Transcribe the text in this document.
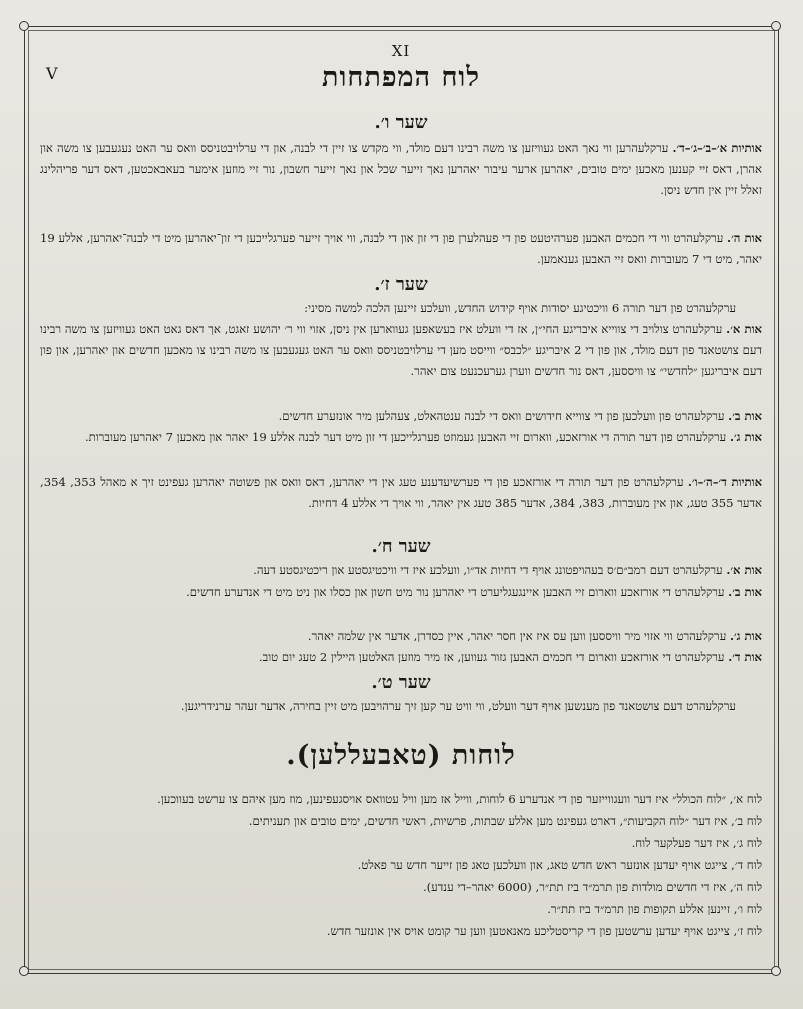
XI
V	לוח המפתחות
שער ו׳.
אותיות א׳–ב׳–ג׳–ד׳. ערקלעהרען ווי נאך האט געוויזען צו משה רבינו דעם מולד, ווי מקדש צו זיין די לבנה, און די ערלויבטניסס וואס ער האט נעגעבען צו משה און אהרן, דאס זיי קענען מאכען ימים טובים, יאהרען ארער עיבור יאהרען נאך זייער שכל און נאך זייער חשבון, נור זיי מוזען אימער בעאבאכטען, דאס דער פריהלינג זאלל זיין אין חדש ניסן.
אות ה׳. ערקלעהרט ווי די חכמים האבען פערהיטעט פון די פעהלערן פון די זון און די לבנה, ווי אויך זייער פערגלייכען די זון־יאהרען מיט די לבנה־יאהרען, אללע 19 יאהר, מיט די 7 מעוברות וואס זיי האבען גענאמען.
שער ז׳.
ערקלעהרט פון דער תורה 6 וויכטיגע יסודות אויף קידוש החדש, וועלכע זיינען הלכה למשה מסיני:
אות א׳. ערקלעהרט צולויב די צווייא איבריגע החי״ן, אז די וועלט איז בעשאפען געווארען אין ניסן, אזוי ווי ר׳ יהושע זאגט, אך דאס גאט האט געוויזען צו משה רבינו דעם צושטאנד פון דעם מולד, און פון די 2 איבריגע ״לכבס״ ווייסט מען די ערלויבטניסס וואס ער האט געגעבען צו משה רבינו צו מאכען חדשים און יאהרען, און פון דעם איבריגען ״לחדשי״ צו וויססען, דאס נור חדשים ווערן גערעכנעט צום יאהר.
אות ב׳. ערקלעהרט פון וועלכען פון די צווייא חידושים וואס די לבנה ענטהאלט, צעהלען מיר אונזערע חדשים.
אות ג׳. ערקלעהרט פון דער תורה די אורזאכע, ווארום זיי האבען געמוזט פערגלייכען די זון מיט דער לבנה אללע 19 יאהר און מאכען 7 יאהרען מעוברות.
אותיות ד׳–ה׳–ו׳. ערקלעהרט פון דער תורה די אורזאכע פון די פערשיעדענע טעג אין די יאהרען, דאס וואס און פשוטה יאהרען געפינט זיך א מאהל 353, 354, אדער 355 טעג, און אין מעוברות, 383, 384, אדער 385 טעג אין יאהר, ווי אויך די אללע 4 דחיות.
שער ח׳.
אות א׳. ערקלעהרט דעם רמב״ם׳ס בעהויפטונג אויף די דחיות אד״ו, וועלכע איז די וויכטיגסטע און ריכטיגסטע דעה.
אות ב׳. ערקלעהרט די אורזאכע ווארום זיי האבען איינגעגליערט די יאהרען נור מיט חשון און כסלו און ניט מיט די אנדערע חדשים.
אות ג׳. ערקלעהרט ווי אזוי מיר וויססען ווען עס איז אין חסר יאהר, איין כסדרן, אדער אין שלמה יאהר.
אות ד׳. ערקלעהרט די אורזאכע ווארום די חכמים האבען גזור געווען, אז מיר מוזען האלטען היילין 2 טעג יום טוב.
שער ט׳.
ערקלעהרט דעם צושטאנד פון מענשען אויף דער וועלט, ווי וויט ער קען זיך ערהויבען מיט זיין בחירה, אדער זעהר ערנידריגען.
לוחות (טאבעללען).
לוח א׳, ״לוח הכולל״ איז דער וועגווייזער פון די אנדערע 6 לוחות, ווייל אז מען וויל עטוואס אויסגעפינען, מוז מען איהם צו ערשט בעווכען.
לוח ב׳, איז דער ״לוח הקביעות״, דארט געפינט מען אללע שבתות, פרשיות, ראשי חדשים, ימים טובים און תעניתים.
לוח ג׳, איז דער פעלקער לוח.
לוח ד׳, צייגט אויף יעדען אונזער ראש חדש טאג, און וועלכען טאג פון זייער חדש ער פאלט.
לוח ה׳, איז די חדשים מולדות פון תרמ״ד ביז תת״ר, (6000 יאהר–די ענדע).
לוח ו׳, זיינען אללע תקופות פון תרמ״ד ביז תת״ר.
לוח ז׳, צייגט אויף יעדען ערשטען פון די קריסטליכע מאנאטען ווען ער קומט אויס אין אונזער חדש.
